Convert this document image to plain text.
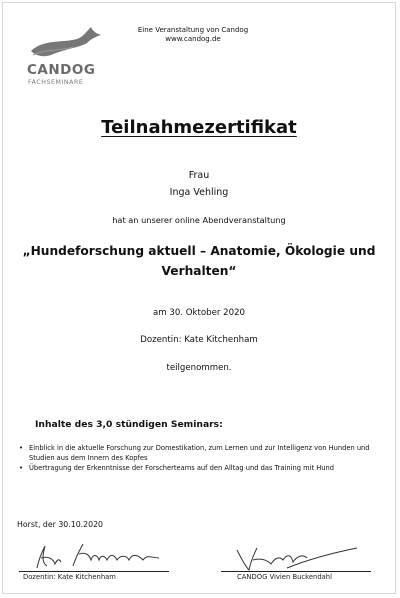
CANDOG
FACHSEMINARE
Eine Veranstaltung von Candog
www.candog.de
Teilnahmezertifikat
Frau
Inga Vehling
hat an unserer online Abendveranstaltung
„Hundeforschung aktuell – Anatomie, Ökologie und Verhalten“
am 30. Oktober 2020
Dozentin: Kate Kitchenham
teilgenommen.
Inhalte des 3,0 stündigen Seminars:
• Einblick in die aktuelle Forschung zur Domestikation, zum Lernen und zur Intelligenz von Hunden und Studien aus dem Innern des Kopfes
• Übertragung der Erkenntnisse der Forscherteams auf den Alltag und das Training mit Hund
Horst, der 30.10.2020
Dozentin: Kate Kitchenham	CANDOG Vivien Buckendahl
